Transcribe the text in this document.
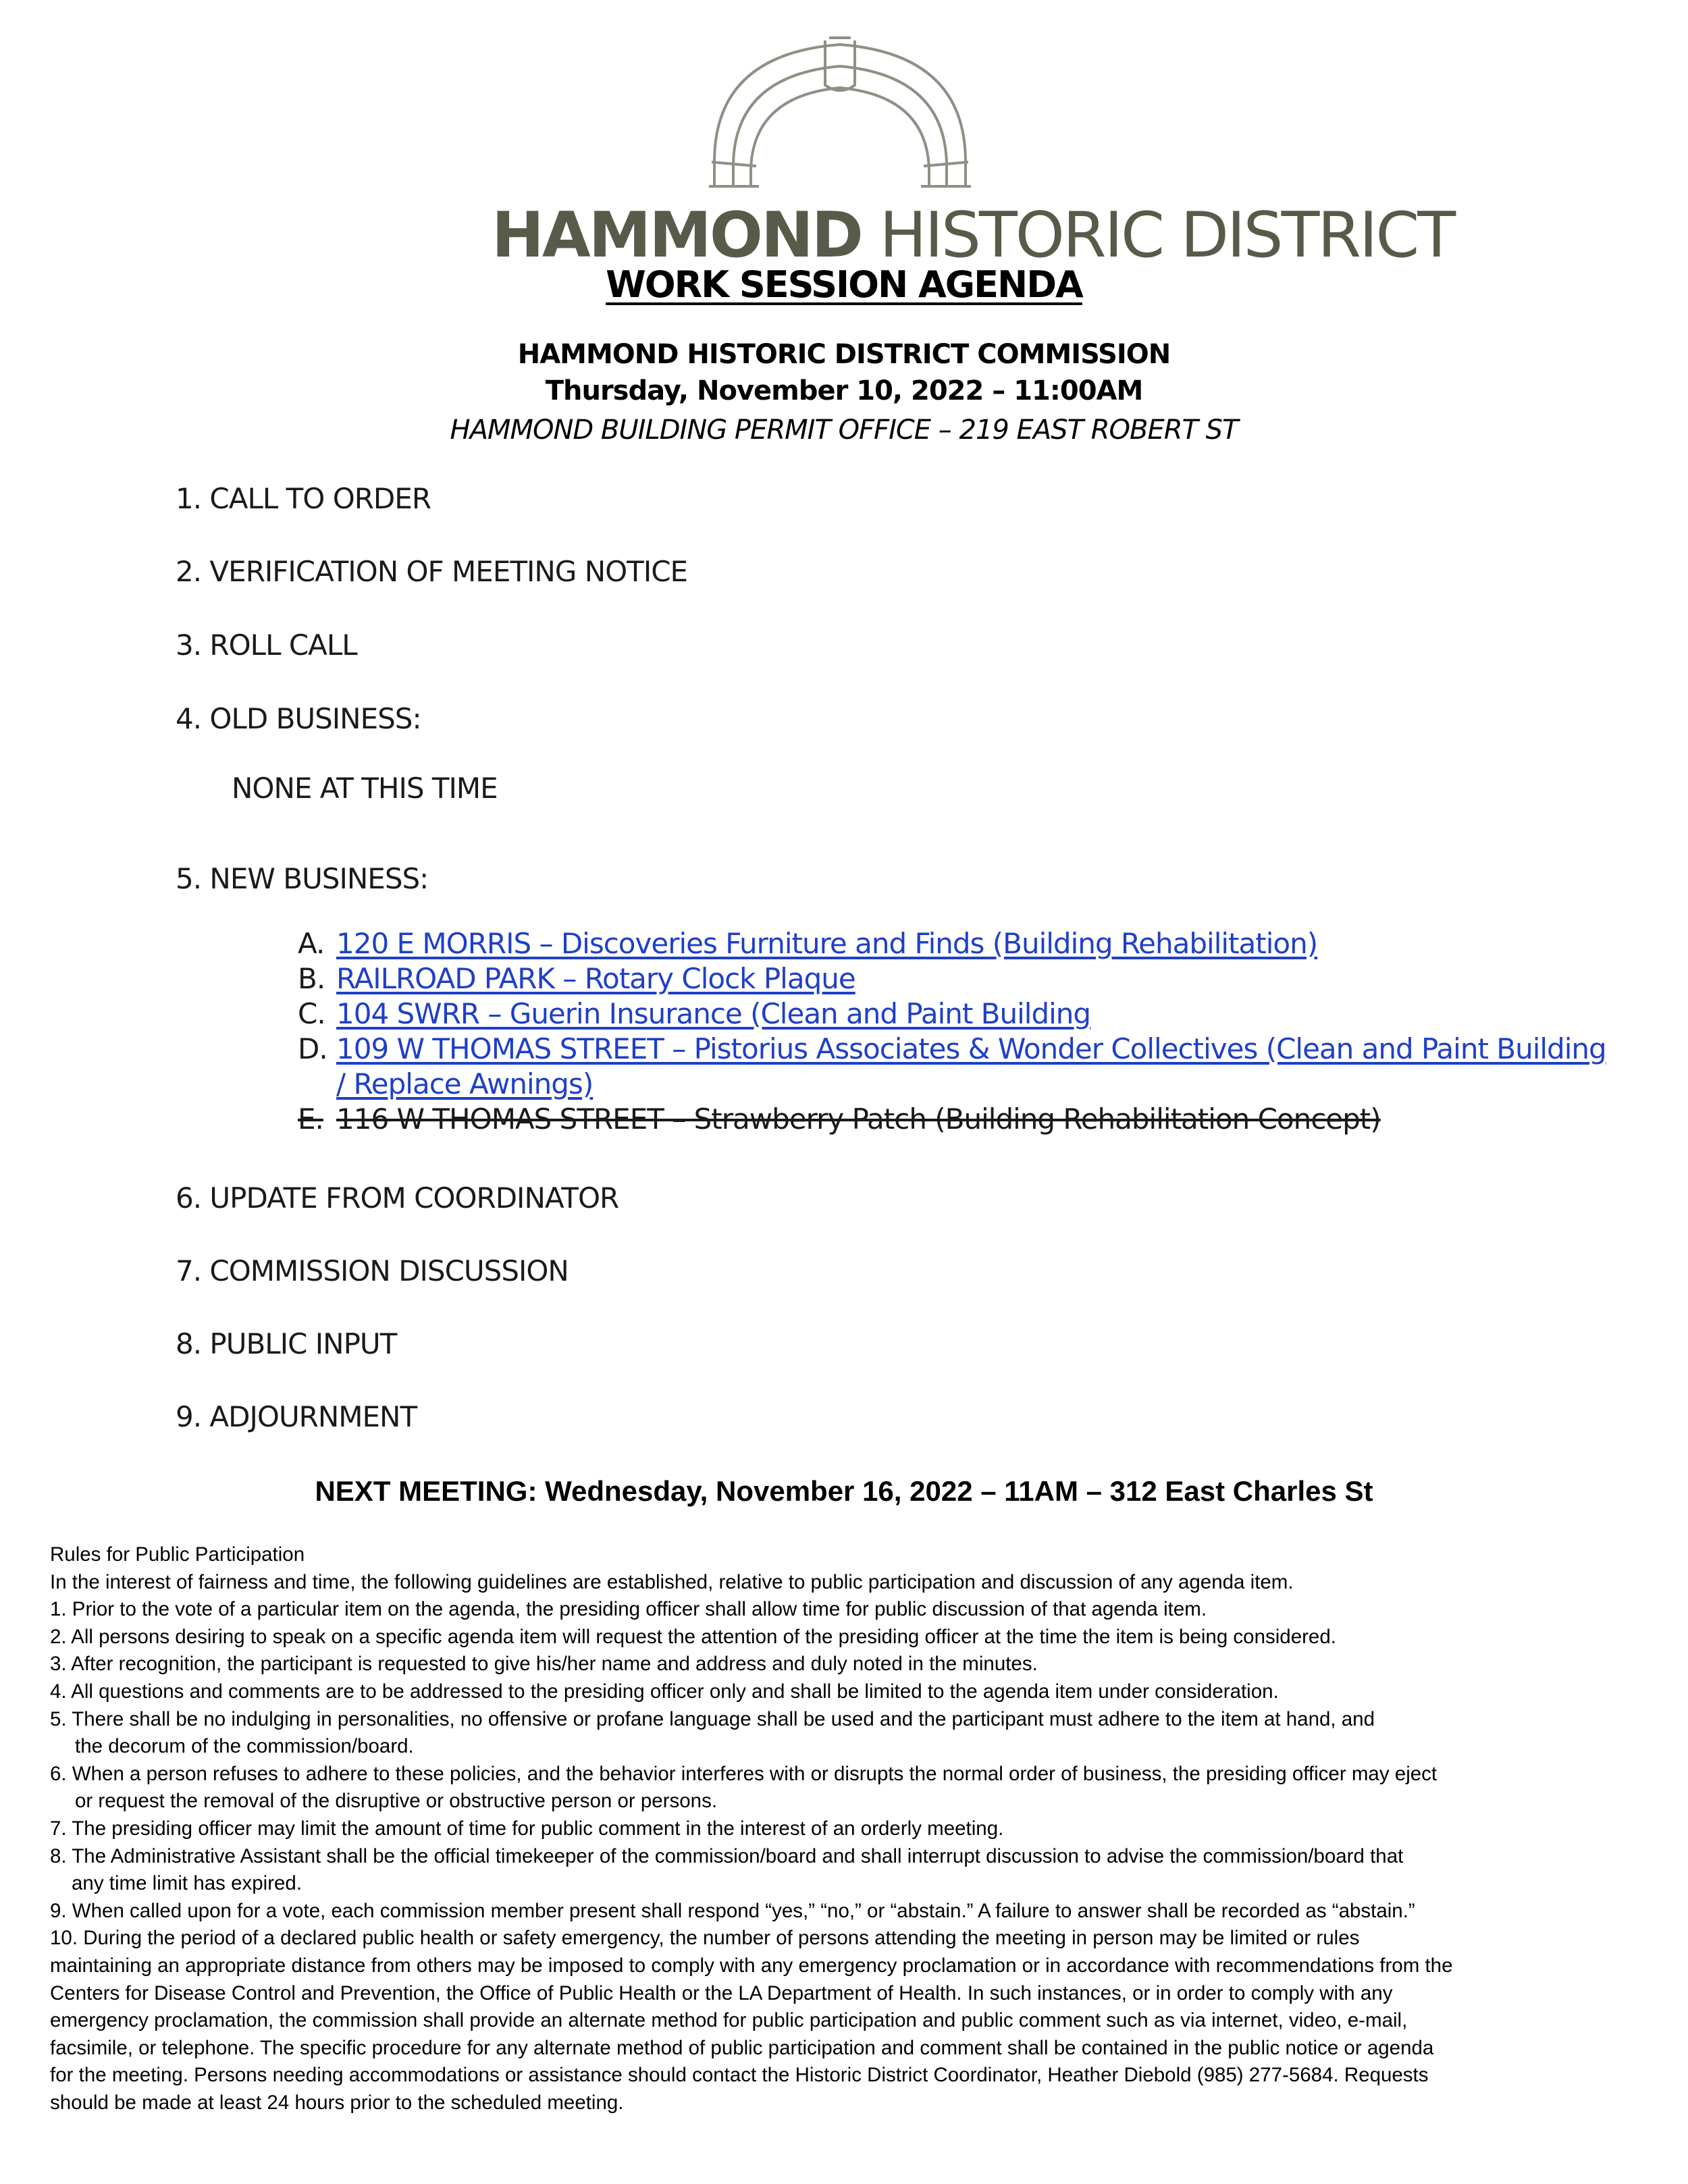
HAMMOND HISTORIC DISTRICT
WORK SESSION AGENDA
HAMMOND HISTORIC DISTRICT COMMISSION
Thursday, November 10, 2022 – 11:00AM
HAMMOND BUILDING PERMIT OFFICE – 219 EAST ROBERT ST
1. CALL TO ORDER
2. VERIFICATION OF MEETING NOTICE
3. ROLL CALL
4. OLD BUSINESS:
NONE AT THIS TIME
5. NEW BUSINESS:
A. 120 E MORRIS – Discoveries Furniture and Finds (Building Rehabilitation)
B. RAILROAD PARK – Rotary Clock Plaque
C. 104 SWRR – Guerin Insurance (Clean and Paint Building
D. 109 W THOMAS STREET – Pistorius Associates & Wonder Collectives (Clean and Paint Building
/ Replace Awnings)
E. 116 W THOMAS STREET – Strawberry Patch (Building Rehabilitation Concept)
6. UPDATE FROM COORDINATOR
7. COMMISSION DISCUSSION
8. PUBLIC INPUT
9. ADJOURNMENT
NEXT MEETING: Wednesday, November 16, 2022 – 11AM – 312 East Charles St
Rules for Public Participation
In the interest of fairness and time, the following guidelines are established, relative to public participation and discussion of any agenda item.
1. Prior to the vote of a particular item on the agenda, the presiding officer shall allow time for public discussion of that agenda item.
2. All persons desiring to speak on a specific agenda item will request the attention of the presiding officer at the time the item is being considered.
3. After recognition, the participant is requested to give his/her name and address and duly noted in the minutes.
4. All questions and comments are to be addressed to the presiding officer only and shall be limited to the agenda item under consideration.
5. There shall be no indulging in personalities, no offensive or profane language shall be used and the participant must adhere to the item at hand, and
the decorum of the commission/board.
6. When a person refuses to adhere to these policies, and the behavior interferes with or disrupts the normal order of business, the presiding officer may eject
or request the removal of the disruptive or obstructive person or persons.
7. The presiding officer may limit the amount of time for public comment in the interest of an orderly meeting.
8. The Administrative Assistant shall be the official timekeeper of the commission/board and shall interrupt discussion to advise the commission/board that
any time limit has expired.
9. When called upon for a vote, each commission member present shall respond “yes,” “no,” or “abstain.” A failure to answer shall be recorded as “abstain.”
10. During the period of a declared public health or safety emergency, the number of persons attending the meeting in person may be limited or rules
maintaining an appropriate distance from others may be imposed to comply with any emergency proclamation or in accordance with recommendations from the
Centers for Disease Control and Prevention, the Office of Public Health or the LA Department of Health. In such instances, or in order to comply with any
emergency proclamation, the commission shall provide an alternate method for public participation and public comment such as via internet, video, e-mail,
facsimile, or telephone. The specific procedure for any alternate method of public participation and comment shall be contained in the public notice or agenda
for the meeting. Persons needing accommodations or assistance should contact the Historic District Coordinator, Heather Diebold (985) 277-5684. Requests
should be made at least 24 hours prior to the scheduled meeting.
